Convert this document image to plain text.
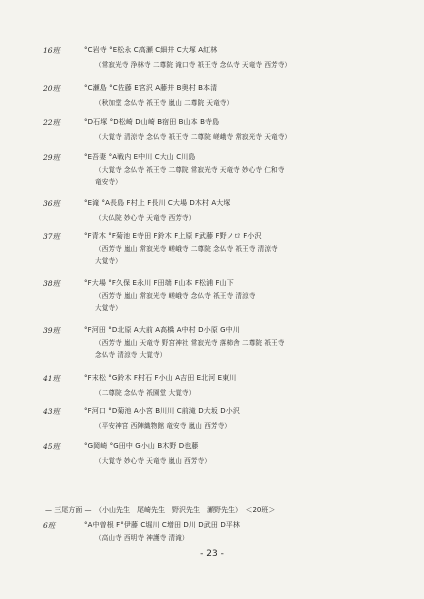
16班	°C岩寺 °E松永 C高瀬 C細井 C大塚 A紅林
（常寂光寺 浄林寺 二尊院 滝口寺 祇王寺 念仏寺 天竜寺 西芳寺）
20班	°C瀬島 °C佐藤 E宮沢 A藤井 B奥村 B本清
（秋加堂 念仏寺 祇王寺 嵐山 二尊院 天竜寺）
22班	°D石塚 °D松崎 D山崎 B宿田 B山本 B寺島
（大覚寺 清涼寺 念仏寺 祇王寺 二尊院 嵯峨寺 常寂光寺 天竜寺）
29班	°E吾妻 °A戦内 E中川 C大山 C川島
（大覚寺 念仏寺 祇王寺 二尊院 常寂光寺 天竜寺 妙心寺 仁和寺
竜安寺）
36班	°E滝 °A長島 F村上 F長川 C大場 D木村 A大塚
（大仏院 妙心寺 天竜寺 西芳寺）
37班	°F青木 °F菊池 E寺田 F鈴木 F上原 F武藤 F野ノロ F小沢
（西芳寺 嵐山 常寂光寺 嵯峨寺 二尊院 念仏寺 祇王寺 清涼寺
大覚寺）
38班	°F大場 °F久保 E永川 F田端 F山本 F松浦 F山下
（西芳寺 嵐山 常寂光寺 嵯峨寺 念仏寺 祇王寺 清涼寺
大覚寺）
39班	°F河田 °D北原 A大前 A高橋 A中村 D小原 G中川
（西芳寺 嵐山 天竜寺 野宮神社 常寂光寺 落柿舎 二尊院 祇王寺
念仏寺 清涼寺 大覚寺）
41班	°F末松 °G鈴木 F村石 F小山 A吉田 E北河 E東川
（二尊院 念仏寺 祇園堂 大覚寺）
43班	°F河口 °D菊池 A小宮 B川川 C前滝 D大坂 D小沢
（平安神宮 西陣織物館 竜安寺 嵐山 西芳寺）
45班	°G岡崎 °G田中 G小山 B木野 D也藤
（大覚寺 妙心寺 天竜寺 嵐山 西芳寺）
— 三尾方面 —　（小山先生　尾崎先生　野沢先生　瀬野先生）　＜20班＞
6班	°A中曽根 F°伊藤 C堀川 C增田 D川 D武田 D平林
（高山寺 西明寺 神護寺 清滝）
- 23 -
